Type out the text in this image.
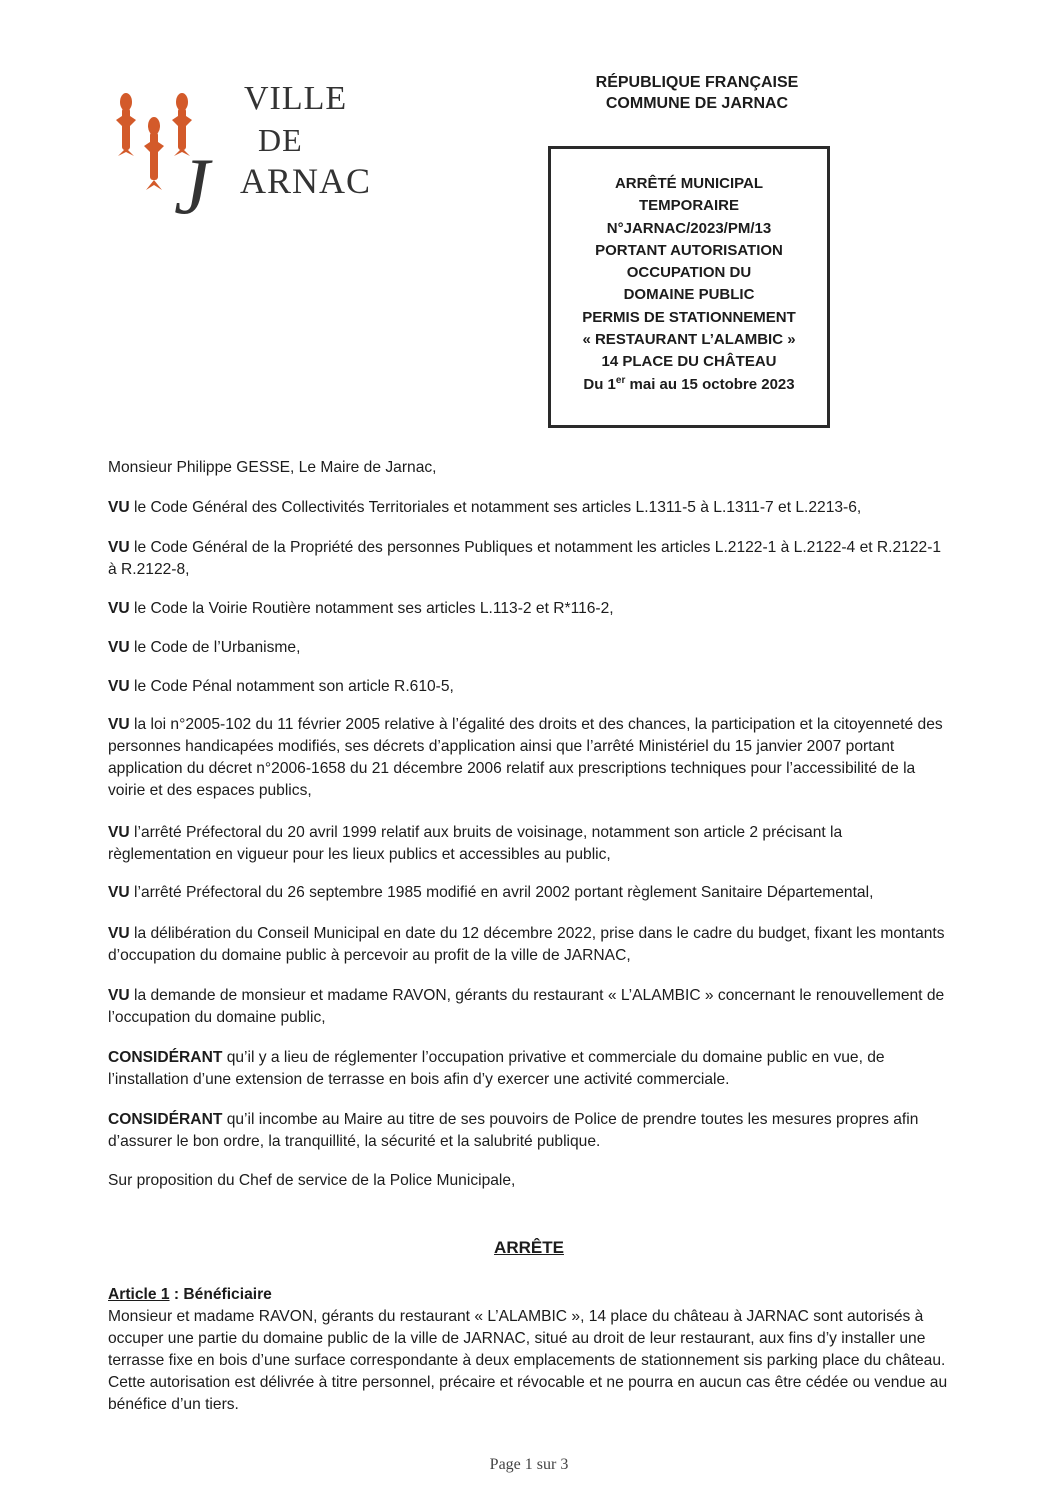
VILLE
DE
J ARNAC
RÉPUBLIQUE FRANÇAISE
COMMUNE DE JARNAC
ARRÊTÉ MUNICIPAL
TEMPORAIRE
N°JARNAC/2023/PM/13
PORTANT AUTORISATION
OCCUPATION DU
DOMAINE PUBLIC
PERMIS DE STATIONNEMENT
« RESTAURANT L’ALAMBIC »
14 PLACE DU CHÂTEAU
Du 1er mai au 15 octobre 2023

Monsieur Philippe GESSE, Le Maire de Jarnac,

VU le Code Général des Collectivités Territoriales et notamment ses articles L.1311-5 à L.1311-7 et L.2213-6,

VU le Code Général de la Propriété des personnes Publiques et notamment les articles L.2122-1 à L.2122-4 et R.2122-1 à R.2122-8,

VU le Code la Voirie Routière notamment ses articles L.113-2 et R*116-2,

VU le Code de l’Urbanisme,

VU le Code Pénal notamment son article R.610-5,

VU la loi n°2005-102 du 11 février 2005 relative à l’égalité des droits et des chances, la participation et la citoyenneté des personnes handicapées modifiés, ses décrets d’application ainsi que l’arrêté Ministériel du 15 janvier 2007 portant application du décret n°2006-1658 du 21 décembre 2006 relatif aux prescriptions techniques pour l’accessibilité de la voirie et des espaces publics,

VU l’arrêté Préfectoral du 20 avril 1999 relatif aux bruits de voisinage, notamment son article 2 précisant la règlementation en vigueur pour les lieux publics et accessibles au public,

VU l’arrêté Préfectoral du 26 septembre 1985 modifié en avril 2002 portant règlement Sanitaire Départemental,

VU la délibération du Conseil Municipal en date du 12 décembre 2022, prise dans le cadre du budget, fixant les montants d’occupation du domaine public à percevoir au profit de la ville de JARNAC,

VU la demande de monsieur et madame RAVON, gérants du restaurant « L’ALAMBIC » concernant le renouvellement de l’occupation du domaine public,

CONSIDÉRANT qu’il y a lieu de réglementer l’occupation privative et commerciale du domaine public en vue, de l’installation d’une extension de terrasse en bois afin d’y exercer une activité commerciale.

CONSIDÉRANT qu’il incombe au Maire au titre de ses pouvoirs de Police de prendre toutes les mesures propres afin d’assurer le bon ordre, la tranquillité, la sécurité et la salubrité publique.

Sur proposition du Chef de service de la Police Municipale,

ARRÊTE

Article 1 : Bénéficiaire

Monsieur et madame RAVON, gérants du restaurant « L’ALAMBIC », 14 place du château à JARNAC sont autorisés à occuper une partie du domaine public de la ville de JARNAC, situé au droit de leur restaurant, aux fins d’y installer une terrasse fixe en bois d’une surface correspondante à deux emplacements de stationnement sis parking place du château. Cette autorisation est délivrée à titre personnel, précaire et révocable et ne pourra en aucun cas être cédée ou vendue au bénéfice d’un tiers.

Page 1 sur 3
